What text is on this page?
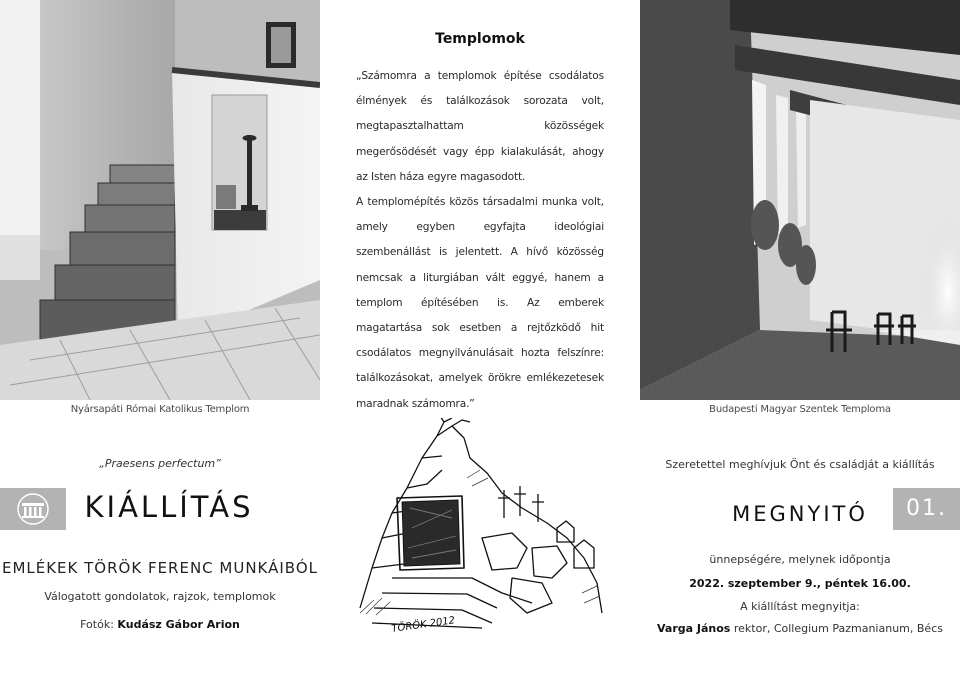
Nyársapáti Római Katolikus Templom
Templomok

„Számomra a templomok építése csodálatos élmények és találkozások sorozata volt, megtapasztalhattam közösségek megerősödését vagy épp kialakulását, ahogy az Isten háza egyre magasodott.

A templomépítés közös társadalmi munka volt, amely egyben egyfajta ideológiai szembenállást is jelentett. A hívő közösség nemcsak a liturgiában vált eggyé, hanem a templom építésében is. Az emberek magatartása sok esetben a rejtőzködő hit csodálatos megnyilvánulásait hozta felszínre: találkozásokat, amelyek örökre emlékezetesek maradnak számomra.”	Budapesti Magyar Szentek Temploma
„Praesens perfectum”
KIÁLLÍTÁS
EMLÉKEK TÖRÖK FERENC MUNKÁIBÓL
Válogatott gondolatok, rajzok, templomok
Fotók: Kudász Gábor Arion	TÖRÖK 2012
Szeretettel meghívjuk Önt és családját a kiállítás
MEGNYITÓ	01.
ünnepségére, melynek időpontja
2022. szeptember 9., péntek 16.00.
A kiállítást megnyitja:
Varga János rektor, Collegium Pazmanianum, Bécs
